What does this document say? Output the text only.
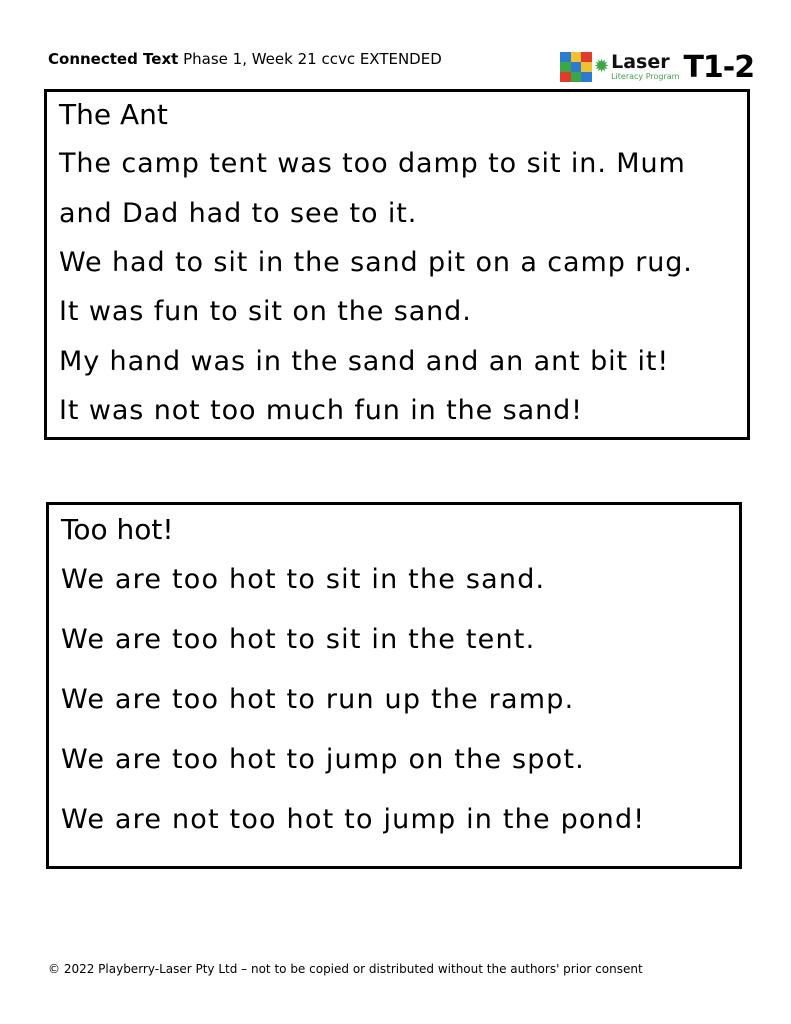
Connected Text Phase 1, Week 21 ccvc EXTENDED	✹ Laser
Literacy Program T1-2
The Ant
The camp tent was too damp to sit in. Mum
and Dad had to see to it.
We had to sit in the sand pit on a camp rug.
It was fun to sit on the sand.
My hand was in the sand and an ant bit it!
It was not too much fun in the sand!
Too hot!
We are too hot to sit in the sand.
We are too hot to sit in the tent.
We are too hot to run up the ramp.
We are too hot to jump on the spot.
We are not too hot to jump in the pond!
© 2022 Playberry-Laser Pty Ltd – not to be copied or distributed without the authors' prior consent
